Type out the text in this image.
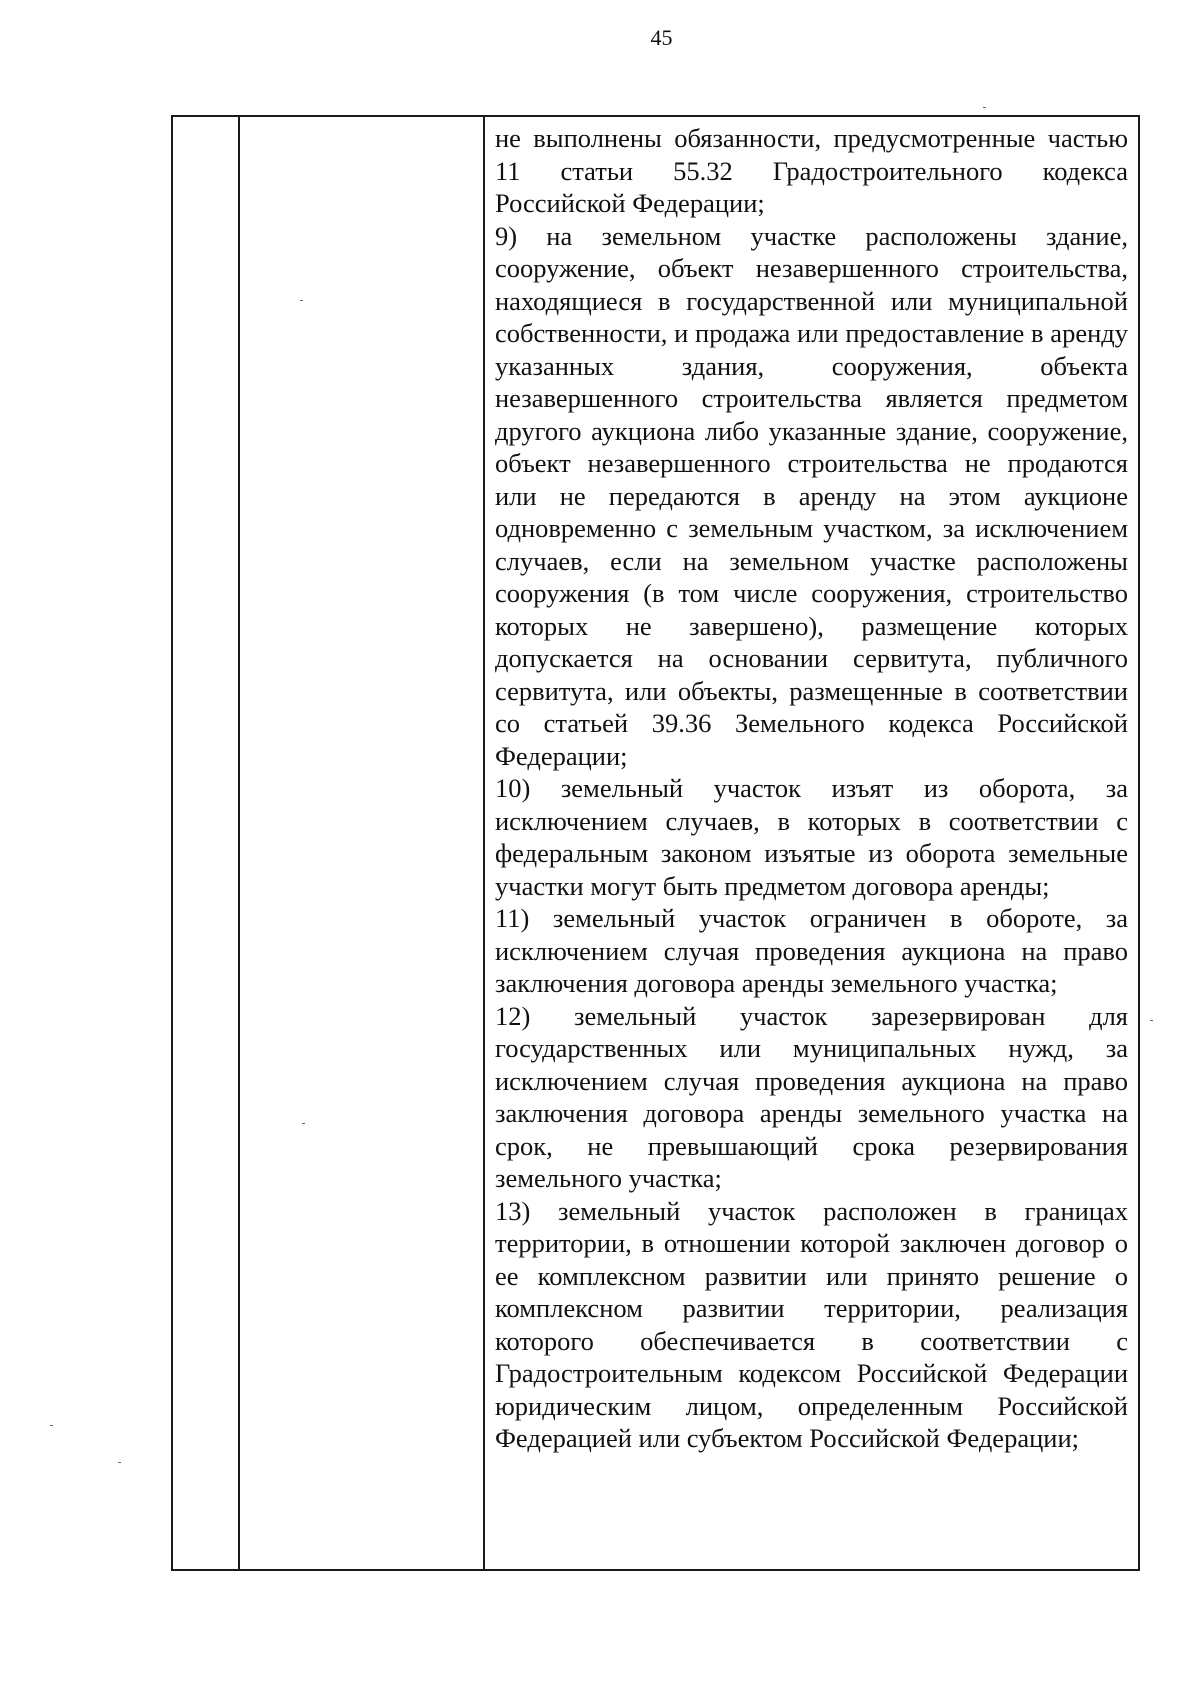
45

не выполнены обязанности, предусмотренные частью 11 статьи 55.32 Градостроительного кодекса Российской Федерации;

9) на земельном участке расположены здание, сооружение, объект незавершенного строительства, находящиеся в государственной или муниципальной собственности, и продажа или предоставление в аренду указанных здания, сооружения, объекта незавершенного строительства является предметом другого аукциона либо указанные здание, сооружение, объект незавершенного строительства не продаются или не передаются в аренду на этом аукционе одновременно с земельным участком, за исключением случаев, если на земельном участке расположены сооружения (в том числе сооружения, строительство которых не завершено), размещение которых допускается на основании сервитута, публичного сервитута, или объекты, размещенные в соответствии со статьей 39.36 Земельного кодекса Российской Федерации;

10) земельный участок изъят из оборота, за исключением случаев, в которых в соответствии с федеральным законом изъятые из оборота земельные участки могут быть предметом договора аренды;

11) земельный участок ограничен в обороте, за исключением случая проведения аукциона на право заключения договора аренды земельного участка;

12) земельный участок зарезервирован для государственных или муниципальных нужд, за исключением случая проведения аукциона на право заключения договора аренды земельного участка на срок, не превышающий срока резервирования земельного участка;

13) земельный участок расположен в границах территории, в отношении которой заключен договор о ее комплексном развитии или принято решение о комплексном развитии территории, реализация которого обеспечивается в соответствии с Градостроительным кодексом Российской Федерации юридическим лицом, определенным Российской Федерацией или субъектом Российской Федерации;
